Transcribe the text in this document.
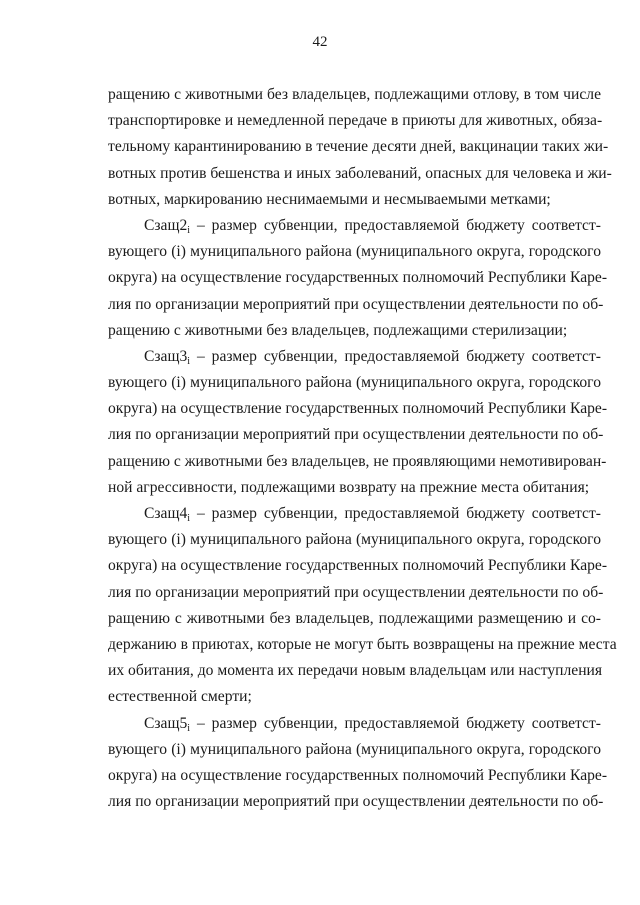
42
ращению с животными без владельцев, подлежащими отлову, в том числе
транспортировке и немедленной передаче в приюты для животных, обяза-
тельному карантинированию в течение десяти дней, вакцинации таких жи-
вотных против бешенства и иных заболеваний, опасных для человека и жи-
вотных, маркированию неснимаемыми и несмываемыми метками;
$Сзащ2_i$ – размер субвенции, предоставляемой бюджету соответст-
вующего (i) муниципального района (муниципального округа, городского
округа) на осуществление государственных полномочий Республики Каре-
лия по организации мероприятий при осуществлении деятельности по об-
ращению с животными без владельцев, подлежащими стерилизации;
$Сзащ3_i$ – размер субвенции, предоставляемой бюджету соответст-
вующего (i) муниципального района (муниципального округа, городского
округа) на осуществление государственных полномочий Республики Каре-
лия по организации мероприятий при осуществлении деятельности по об-
ращению с животными без владельцев, не проявляющими немотивирован-
ной агрессивности, подлежащими возврату на прежние места обитания;
$Сзащ4_i$ – размер субвенции, предоставляемой бюджету соответст-
вующего (i) муниципального района (муниципального округа, городского
округа) на осуществление государственных полномочий Республики Каре-
лия по организации мероприятий при осуществлении деятельности по об-
ращению с животными без владельцев, подлежащими размещению и со-
держанию в приютах, которые не могут быть возвращены на прежние места
их обитания, до момента их передачи новым владельцам или наступления
естественной смерти;
$Сзащ5_i$ – размер субвенции, предоставляемой бюджету соответст-
вующего (i) муниципального района (муниципального округа, городского
округа) на осуществление государственных полномочий Республики Каре-
лия по организации мероприятий при осуществлении деятельности по об-
